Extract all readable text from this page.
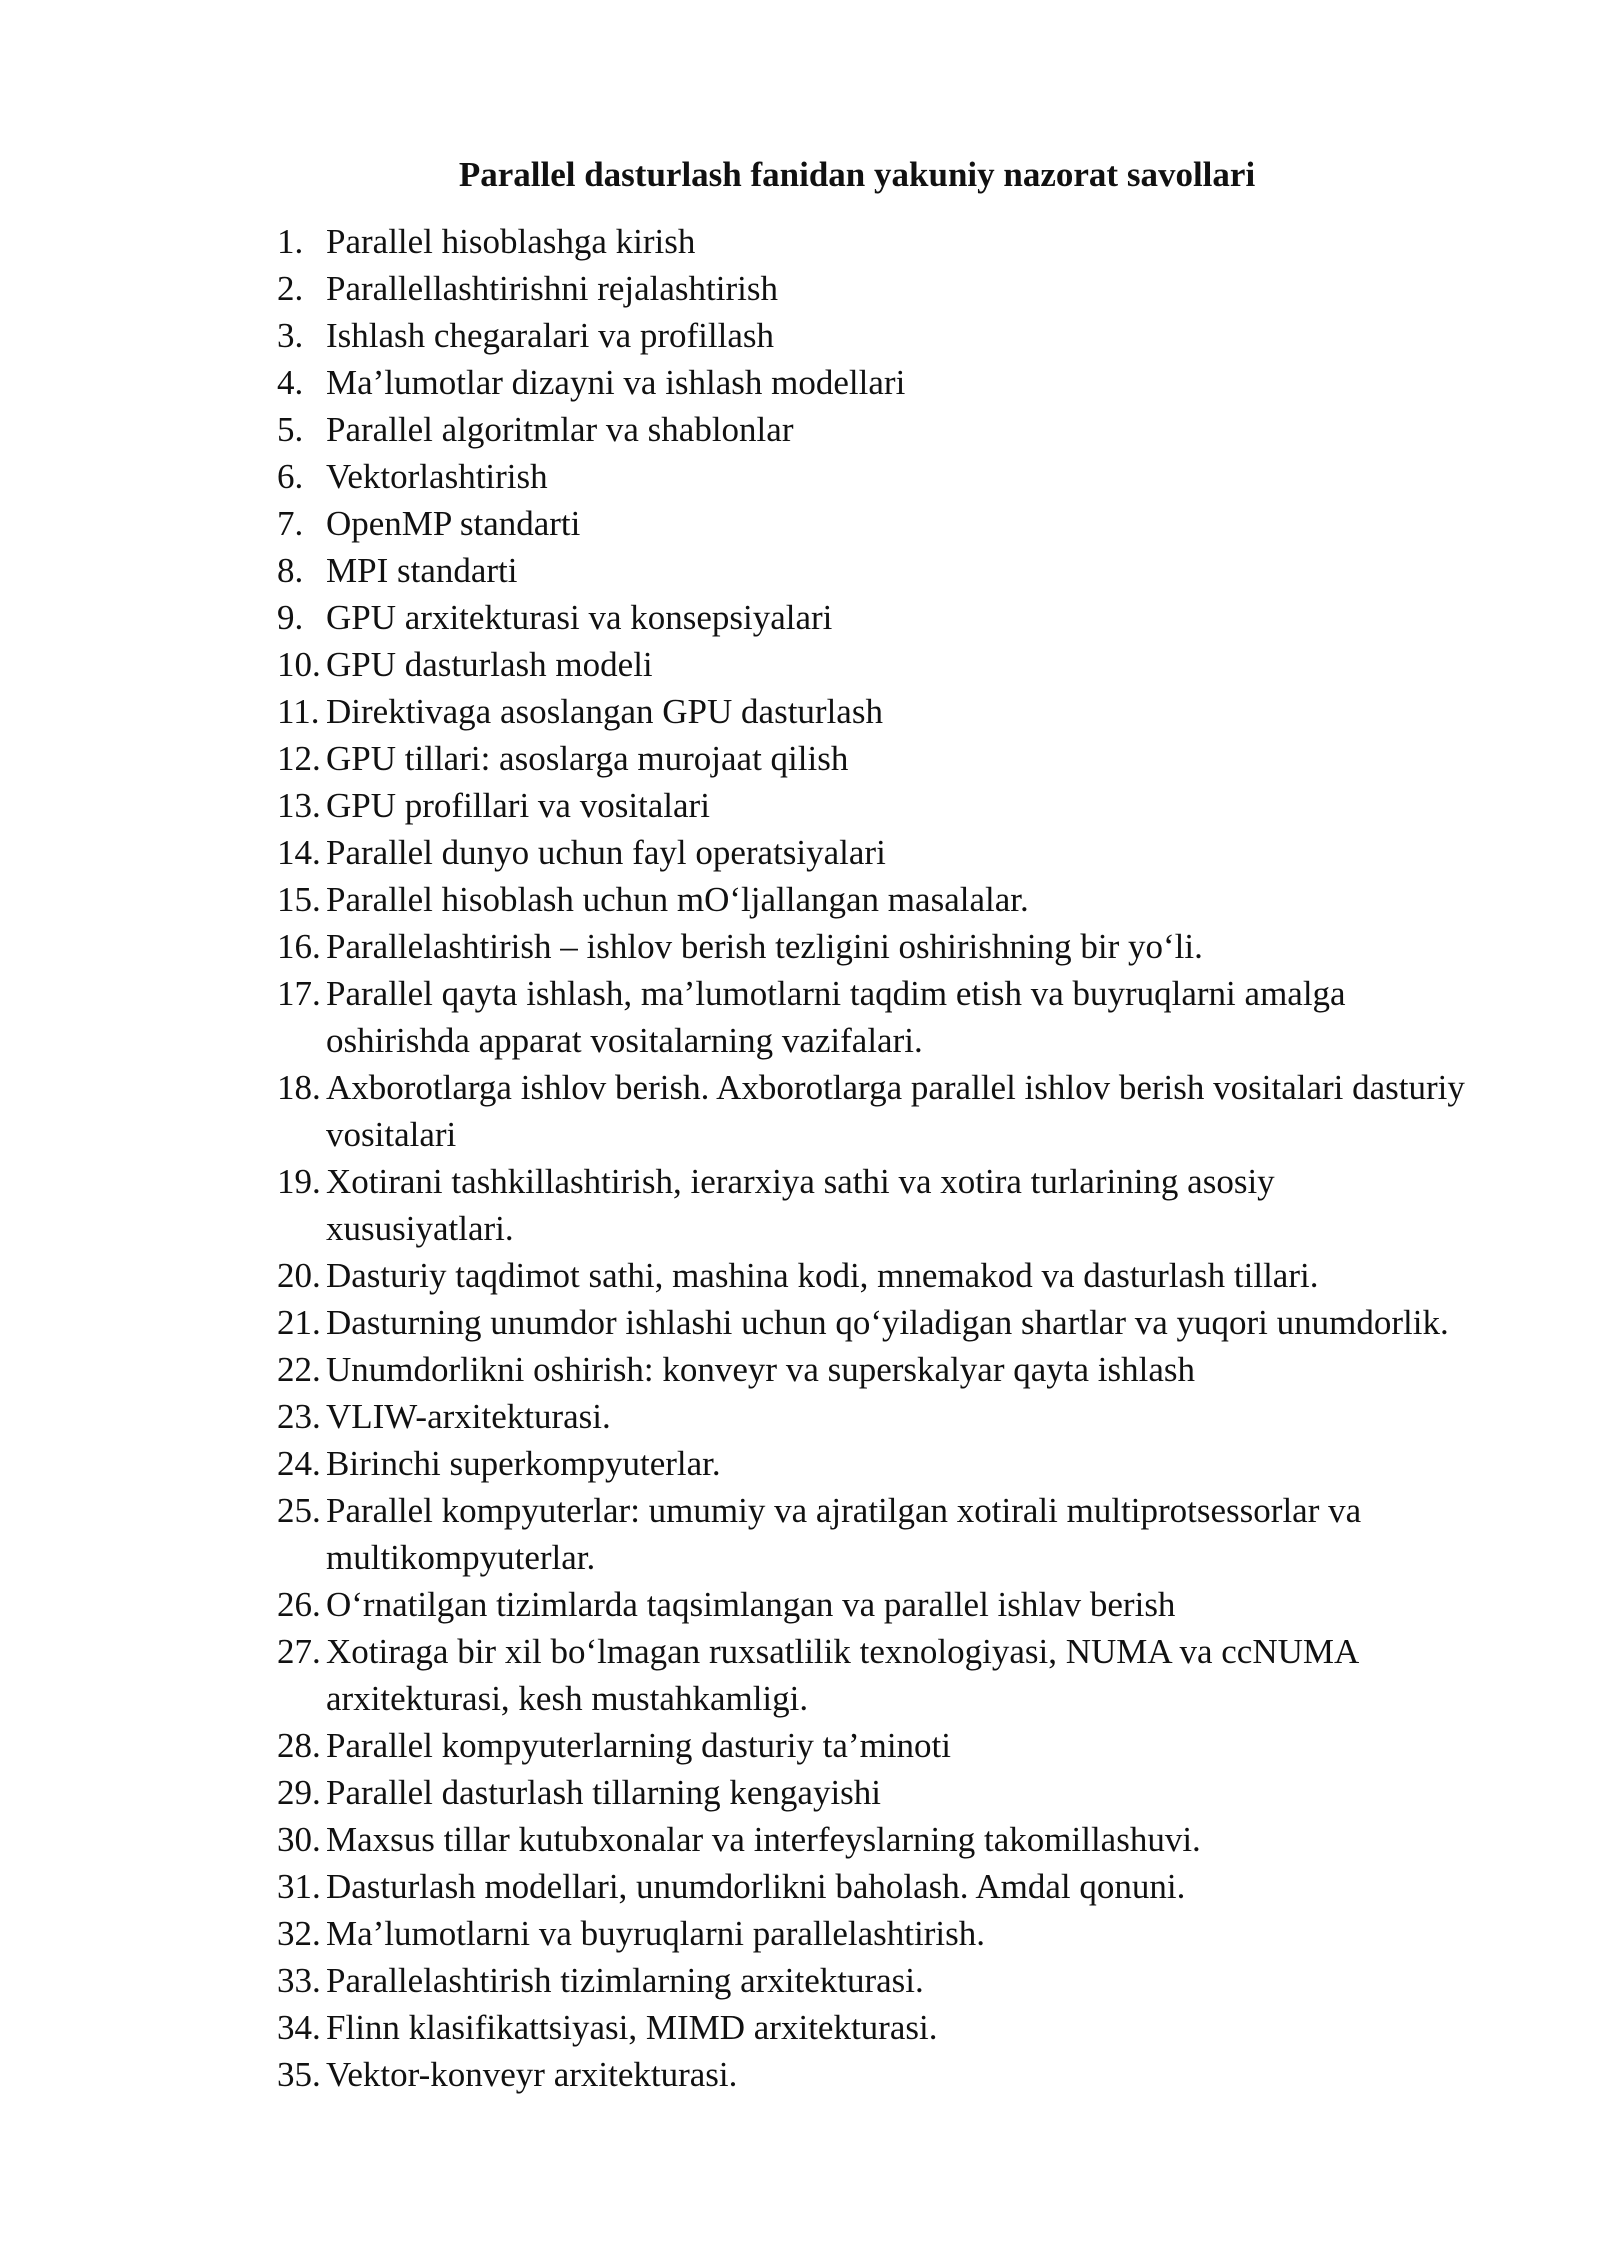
Parallel dasturlash fanidan yakuniy nazorat savollari
1. Parallel hisoblashga kirish
2. Parallellashtirishni rejalashtirish
3. Ishlash chegaralari va profillash
4. Ma’lumotlar dizayni va ishlash modellari
5. Parallel algoritmlar va shablonlar
6. Vektorlashtirish
7. OpenMP standarti
8. MPI standarti
9. GPU arxitekturasi va konsepsiyalari
10. GPU dasturlash modeli
11. Direktivaga asoslangan GPU dasturlash
12. GPU tillari: asoslarga murojaat qilish
13. GPU profillari va vositalari
14. Parallel dunyo uchun fayl operatsiyalari
15. Parallel hisoblash uchun mO‘ljallangan masalalar.
16. Parallelashtirish – ishlov berish tezligini oshirishning bir yo‘li.
17. Parallel qayta ishlash, ma’lumotlarni taqdim etish va buyruqlarni amalga oshirishda apparat vositalarning vazifalari.
18. Axborotlarga ishlov berish. Axborotlarga parallel ishlov berish vositalari dasturiy vositalari
19. Xotirani tashkillashtirish, ierarxiya sathi va xotira turlarining asosiy xususiyatlari.
20. Dasturiy taqdimot sathi, mashina kodi, mnemakod va dasturlash tillari.
21. Dasturning unumdor ishlashi uchun qo‘yiladigan shartlar va yuqori unumdorlik.
22. Unumdorlikni oshirish: konveyr va superskalyar qayta ishlash
23. VLIW-arxitekturasi.
24. Birinchi superkompyuterlar.
25. Parallel kompyuterlar: umumiy va ajratilgan xotirali multiprotsessorlar va multikompyuterlar.
26. O‘rnatilgan tizimlarda taqsimlangan va parallel ishlav berish
27. Xotiraga bir xil bo‘lmagan ruxsatlilik texnologiyasi, NUMA va ccNUMA arxitekturasi, kesh mustahkamligi.
28. Parallel kompyuterlarning dasturiy ta’minoti
29. Parallel dasturlash tillarning kengayishi
30. Maxsus tillar kutubxonalar va interfeyslarning takomillashuvi.
31. Dasturlash modellari, unumdorlikni baholash. Amdal qonuni.
32. Ma’lumotlarni va buyruqlarni parallelashtirish.
33. Parallelashtirish tizimlarning arxitekturasi.
34. Flinn klasifikattsiyasi, MIMD arxitekturasi.
35. Vektor-konveyr arxitekturasi.
